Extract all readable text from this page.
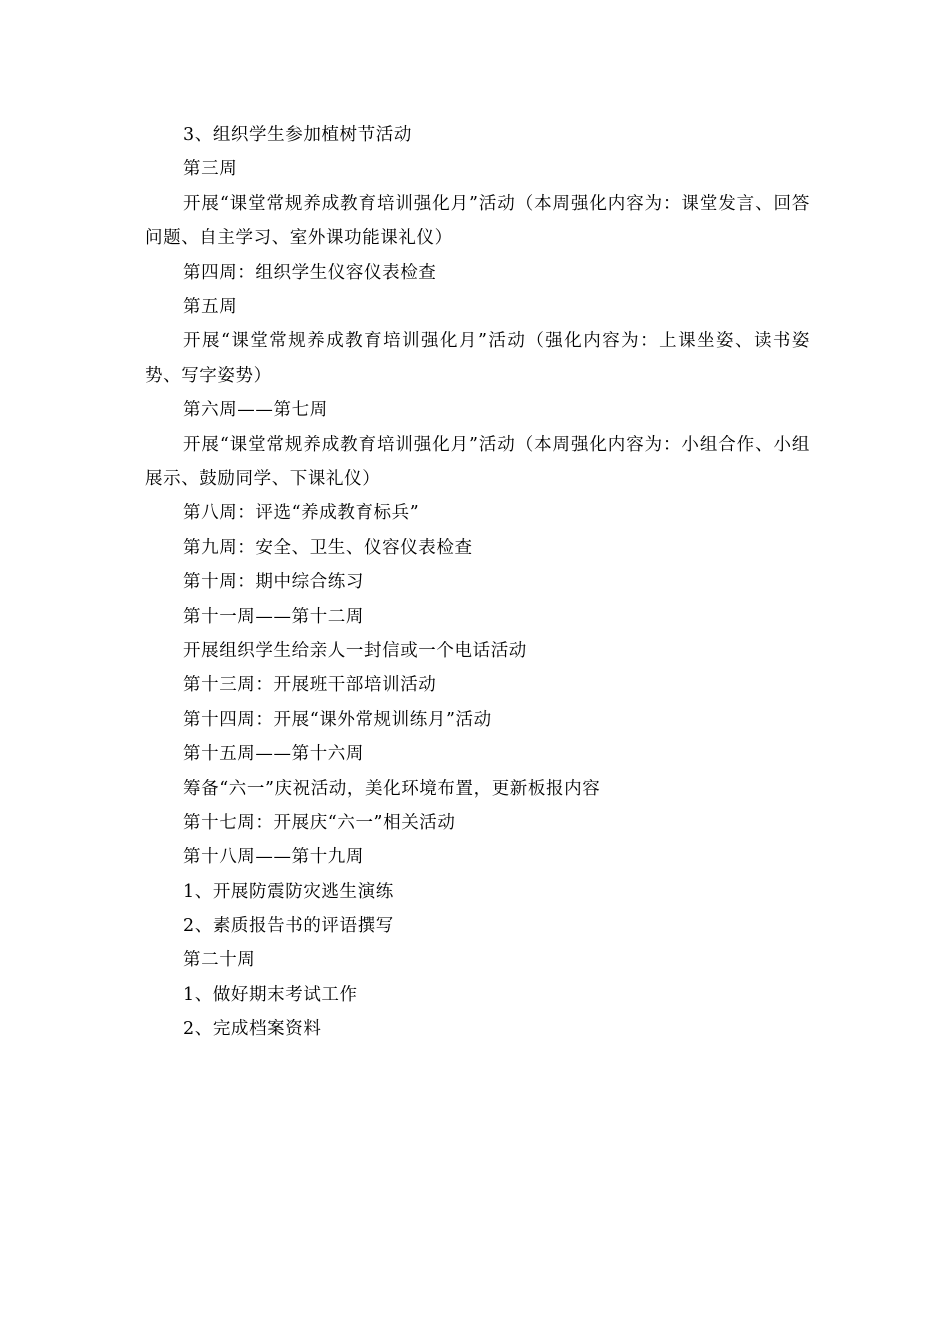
3、组织学生参加植树节活动

第三周

开展“课堂常规养成教育培训强化月”活动（本周强化内容为：课堂发言、回答问题、自主学习、室外课功能课礼仪）

第四周：组织学生仪容仪表检查

第五周

开展“课堂常规养成教育培训强化月”活动（强化内容为：上课坐姿、读书姿势、写字姿势）

第六周——第七周

开展“课堂常规养成教育培训强化月”活动（本周强化内容为：小组合作、小组展示、鼓励同学、下课礼仪）

第八周：评选“养成教育标兵”

第九周：安全、卫生、仪容仪表检查

第十周：期中综合练习

第十一周——第十二周

开展组织学生给亲人一封信或一个电话活动

第十三周：开展班干部培训活动

第十四周：开展“课外常规训练月”活动

第十五周——第十六周

筹备“六一”庆祝活动，美化环境布置，更新板报内容

第十七周：开展庆“六一”相关活动

第十八周——第十九周

1、开展防震防灾逃生演练

2、素质报告书的评语撰写

第二十周

1、做好期末考试工作

2、完成档案资料
